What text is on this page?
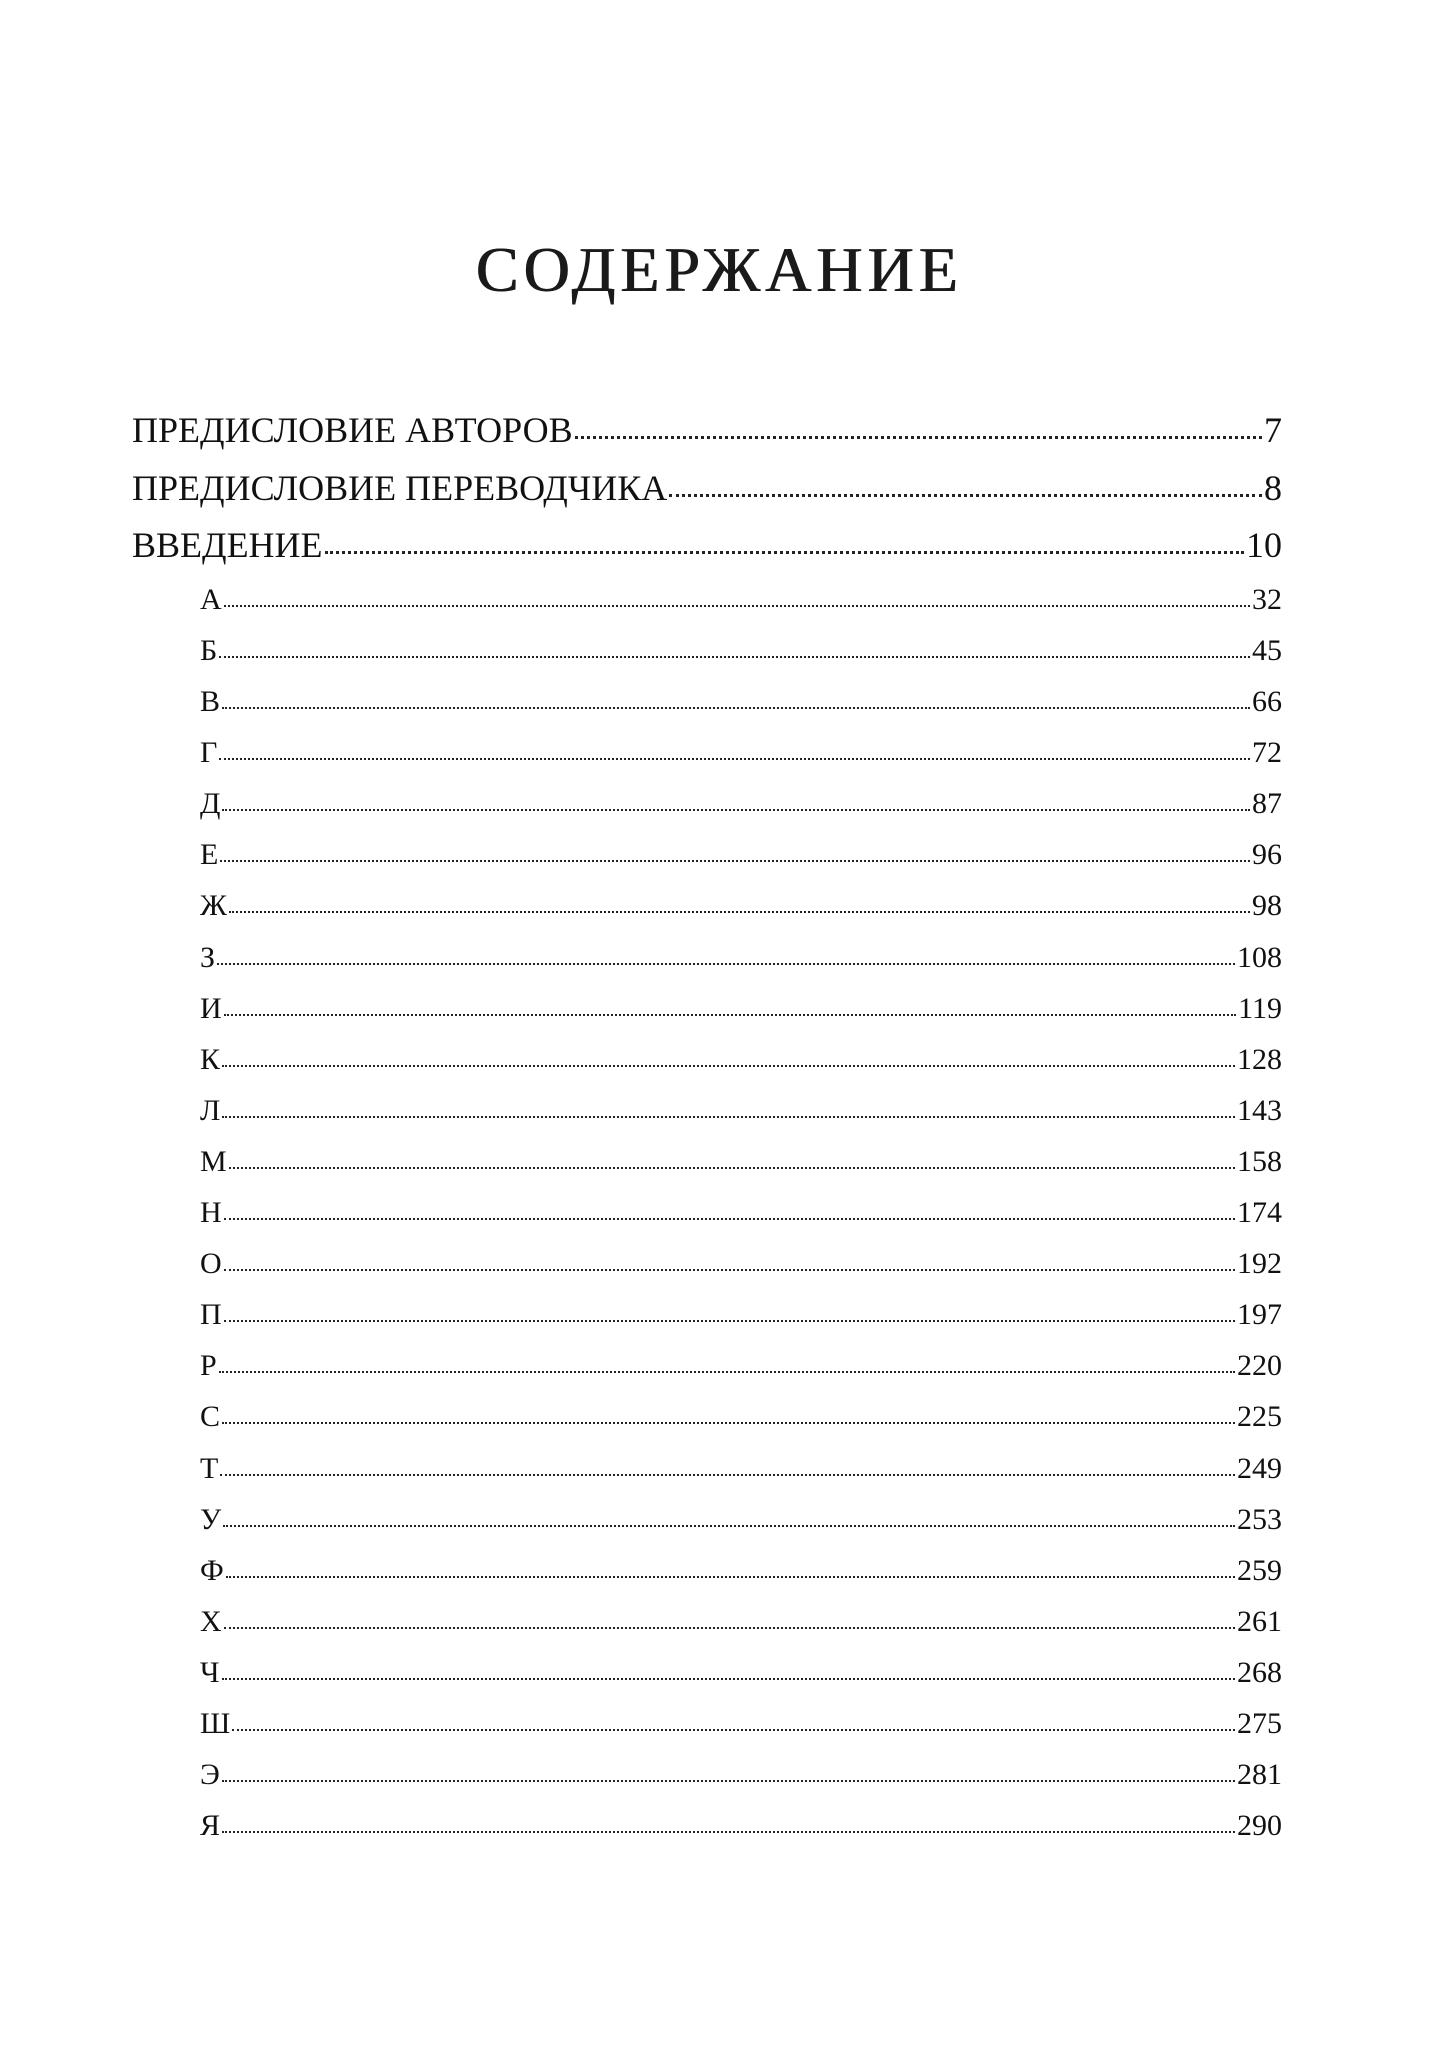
СОДЕРЖАНИЕ
ПРЕДИСЛОВИЕ АВТОРОВ	7
ПРЕДИСЛОВИЕ ПЕРЕВОДЧИКА	8
ВВЕДЕНИЕ	10
А	32
Б	45
В	66
Г	72
Д	87
Е	96
Ж	98
З	108
И	119
К	128
Л	143
М	158
Н	174
О	192
П	197
Р	220
С	225
Т	249
У	253
Ф	259
Х	261
Ч	268
Ш	275
Э	281
Я	290
